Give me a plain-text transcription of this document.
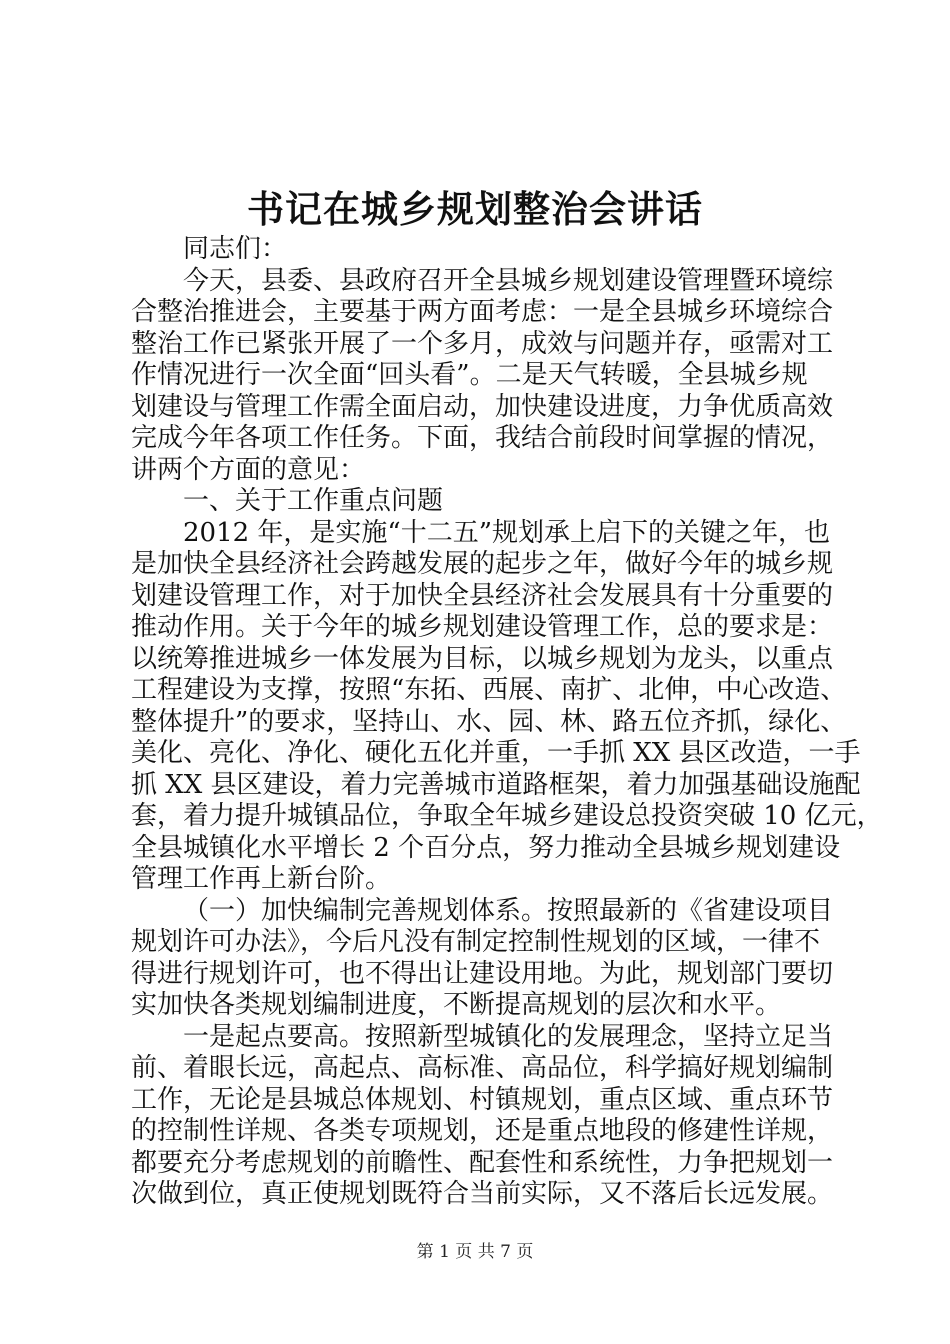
书记在城乡规划整治会讲话
同志们：
今天，县委、县政府召开全县城乡规划建设管理暨环境综
合整治推进会，主要基于两方面考虑：一是全县城乡环境综合
整治工作已紧张开展了一个多月，成效与问题并存，亟需对工
作情况进行一次全面“回头看”。二是天气转暖，全县城乡规
划建设与管理工作需全面启动，加快建设进度，力争优质高效
完成今年各项工作任务。下面，我结合前段时间掌握的情况，
讲两个方面的意见：
一、关于工作重点问题
2012 年，是实施“十二五”规划承上启下的关键之年，也
是加快全县经济社会跨越发展的起步之年，做好今年的城乡规
划建设管理工作，对于加快全县经济社会发展具有十分重要的
推动作用。关于今年的城乡规划建设管理工作，总的要求是：
以统筹推进城乡一体发展为目标，以城乡规划为龙头，以重点
工程建设为支撑，按照“东拓、西展、南扩、北伸，中心改造、
整体提升”的要求，坚持山、水、园、林、路五位齐抓，绿化、
美化、亮化、净化、硬化五化并重，一手抓 XX 县区改造，一手
抓 XX 县区建设，着力完善城市道路框架，着力加强基础设施配
套，着力提升城镇品位，争取全年城乡建设总投资突破 10 亿元，
全县城镇化水平增长 2 个百分点，努力推动全县城乡规划建设
管理工作再上新台阶。
（一）加快编制完善规划体系。按照最新的《省建设项目
规划许可办法》，今后凡没有制定控制性规划的区域，一律不
得进行规划许可，也不得出让建设用地。为此，规划部门要切
实加快各类规划编制进度，不断提高规划的层次和水平。
一是起点要高。按照新型城镇化的发展理念，坚持立足当
前、着眼长远，高起点、高标准、高品位，科学搞好规划编制
工作，无论是县城总体规划、村镇规划，重点区域、重点环节
的控制性详规、各类专项规划，还是重点地段的修建性详规，
都要充分考虑规划的前瞻性、配套性和系统性，力争把规划一
次做到位，真正使规划既符合当前实际，又不落后长远发展。
第 1 页 共 7 页
